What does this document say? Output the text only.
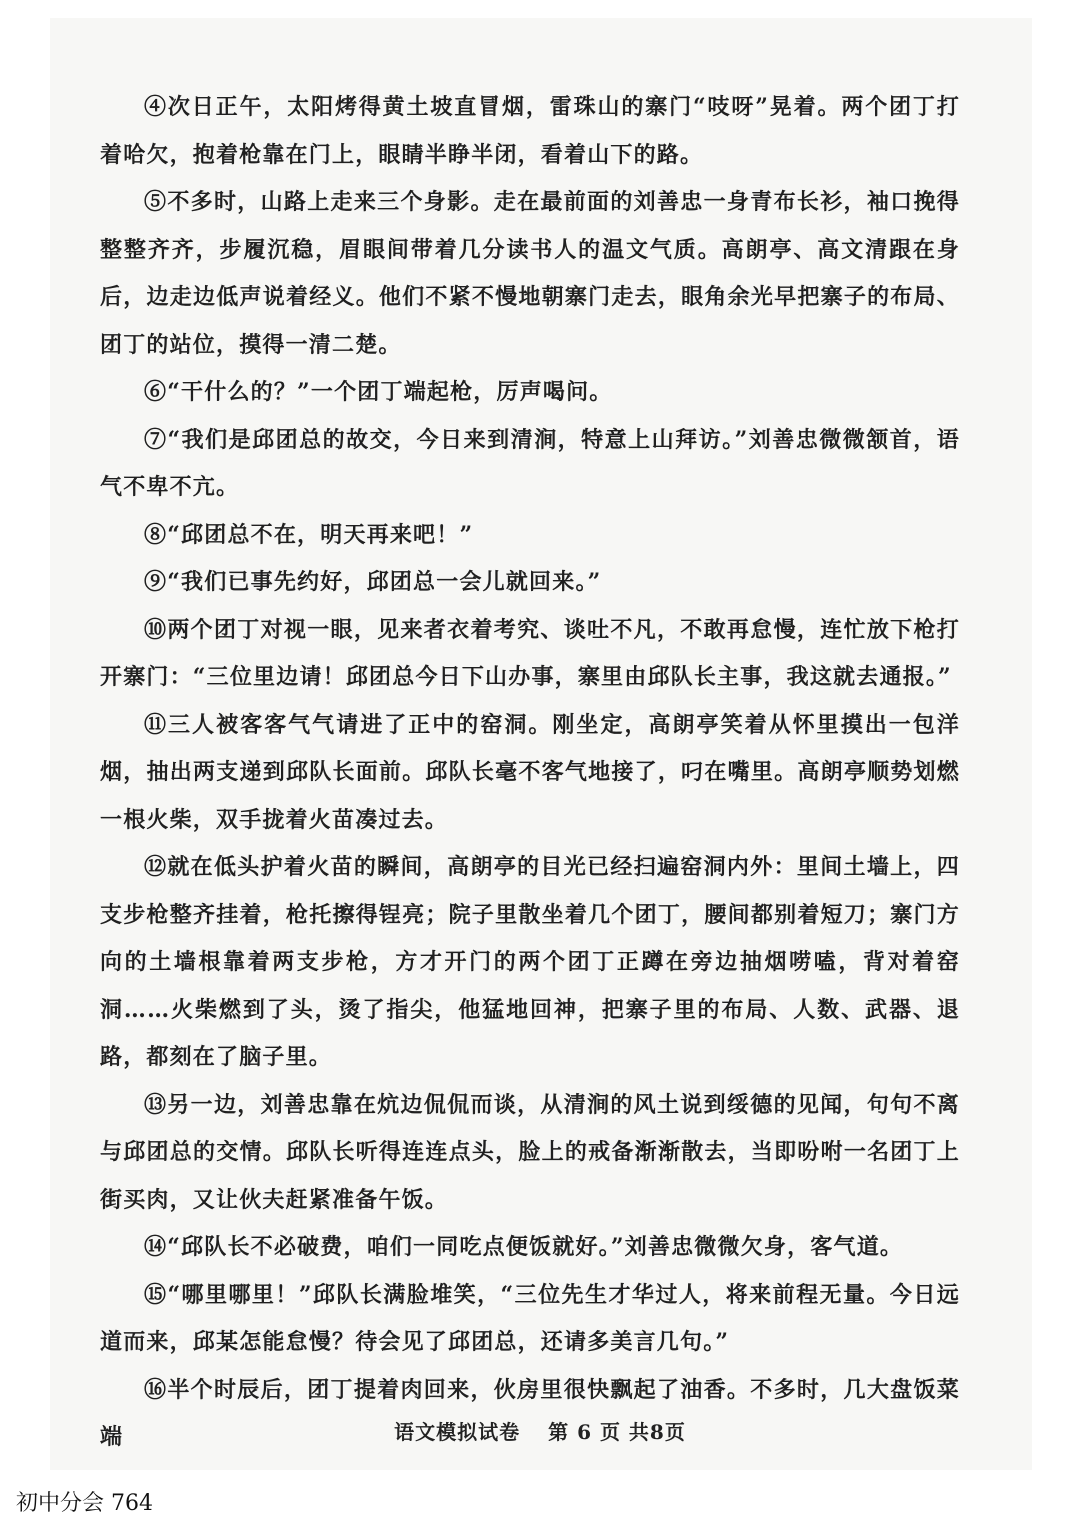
④次日正午，太阳烤得黄土坡直冒烟，雷珠山的寨门“吱呀”晃着。两个团丁打着哈欠，抱着枪靠在门上，眼睛半睁半闭，看着山下的路。

⑤不多时，山路上走来三个身影。走在最前面的刘善忠一身青布长衫，袖口挽得整整齐齐，步履沉稳，眉眼间带着几分读书人的温文气质。高朗亭、高文清跟在身后，边走边低声说着经义。他们不紧不慢地朝寨门走去，眼角余光早把寨子的布局、团丁的站位，摸得一清二楚。

⑥“干什么的？”一个团丁端起枪，厉声喝问。

⑦“我们是邱团总的故交，今日来到清涧，特意上山拜访。”刘善忠微微颔首，语气不卑不亢。

⑧“邱团总不在，明天再来吧！”

⑨“我们已事先约好，邱团总一会儿就回来。”

⑩两个团丁对视一眼，见来者衣着考究、谈吐不凡，不敢再怠慢，连忙放下枪打开寨门：“三位里边请！邱团总今日下山办事，寨里由邱队长主事，我这就去通报。”

⑪三人被客客气气请进了正中的窑洞。刚坐定，高朗亭笑着从怀里摸出一包洋烟，抽出两支递到邱队长面前。邱队长毫不客气地接了，叼在嘴里。高朗亭顺势划燃一根火柴，双手拢着火苗凑过去。

⑫就在低头护着火苗的瞬间，高朗亭的目光已经扫遍窑洞内外：里间土墙上，四支步枪整齐挂着，枪托擦得锃亮；院子里散坐着几个团丁，腰间都别着短刀；寨门方向的土墙根靠着两支步枪，方才开门的两个团丁正蹲在旁边抽烟唠嗑，背对着窑洞……火柴燃到了头，烫了指尖，他猛地回神，把寨子里的布局、人数、武器、退路，都刻在了脑子里。

⑬另一边，刘善忠靠在炕边侃侃而谈，从清涧的风土说到绥德的见闻，句句不离与邱团总的交情。邱队长听得连连点头，脸上的戒备渐渐散去，当即吩咐一名团丁上街买肉，又让伙夫赶紧准备午饭。

⑭“邱队长不必破费，咱们一同吃点便饭就好。”刘善忠微微欠身，客气道。

⑮“哪里哪里！”邱队长满脸堆笑，“三位先生才华过人，将来前程无量。今日远道而来，邱某怎能怠慢？待会见了邱团总，还请多美言几句。”

⑯半个时辰后，团丁提着肉回来，伙房里很快飘起了油香。不多时，几大盘饭菜端	语文模拟试卷 第 6 页 共8页
初中分会 764
